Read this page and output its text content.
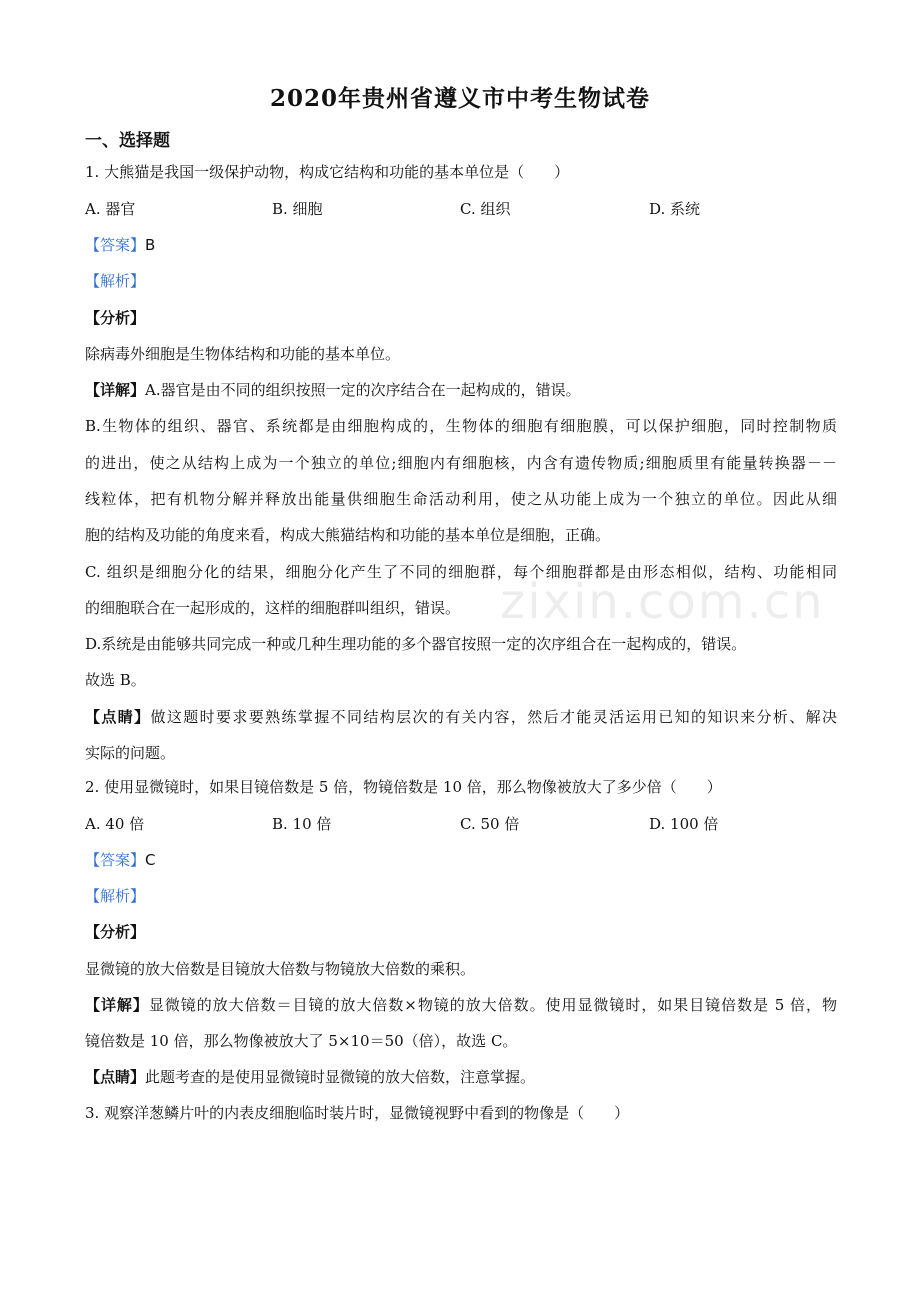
2020年贵州省遵义市中考生物试卷
一、选择题
1. 大熊猫是我国一级保护动物，构成它结构和功能的基本单位是（　　）
A. 器官	B. 细胞	C. 组织	D. 系统
【答案】B
【解析】
【分析】
除病毒外细胞是生物体结构和功能的基本单位。
【详解】A.器官是由不同的组织按照一定的次序结合在一起构成的，错误。
B.生物体的组织、器官、系统都是由细胞构成的，生物体的细胞有细胞膜，可以保护细胞，同时控制物质
的进出，使之从结构上成为一个独立的单位;细胞内有细胞核，内含有遗传物质;细胞质里有能量转换器－－
线粒体，把有机物分解并释放出能量供细胞生命活动利用，使之从功能上成为一个独立的单位。因此从细
胞的结构及功能的角度来看，构成大熊猫结构和功能的基本单位是细胞，正确。
C. 组织是细胞分化的结果，细胞分化产生了不同的细胞群，每个细胞群都是由形态相似，结构、功能相同
的细胞联合在一起形成的，这样的细胞群叫组织，错误。
D.系统是由能够共同完成一种或几种生理功能的多个器官按照一定的次序组合在一起构成的，错误。
故选 B。
【点睛】做这题时要求要熟练掌握不同结构层次的有关内容，然后才能灵活运用已知的知识来分析、解决
实际的问题。
2. 使用显微镜时，如果目镜倍数是 5 倍，物镜倍数是 10 倍，那么物像被放大了多少倍（　　）
A. 40 倍	B. 10 倍	C. 50 倍	D. 100 倍
【答案】C
【解析】
【分析】
显微镜的放大倍数是目镜放大倍数与物镜放大倍数的乘积。
【详解】显微镜的放大倍数＝目镜的放大倍数×物镜的放大倍数。使用显微镜时，如果目镜倍数是 5 倍，物
镜倍数是 10 倍，那么物像被放大了 5×10＝50（倍），故选 C。
【点睛】此题考查的是使用显微镜时显微镜的放大倍数，注意掌握。
3. 观察洋葱鳞片叶的内表皮细胞临时装片时，显微镜视野中看到的物像是（　　）
zixin.com.cn
